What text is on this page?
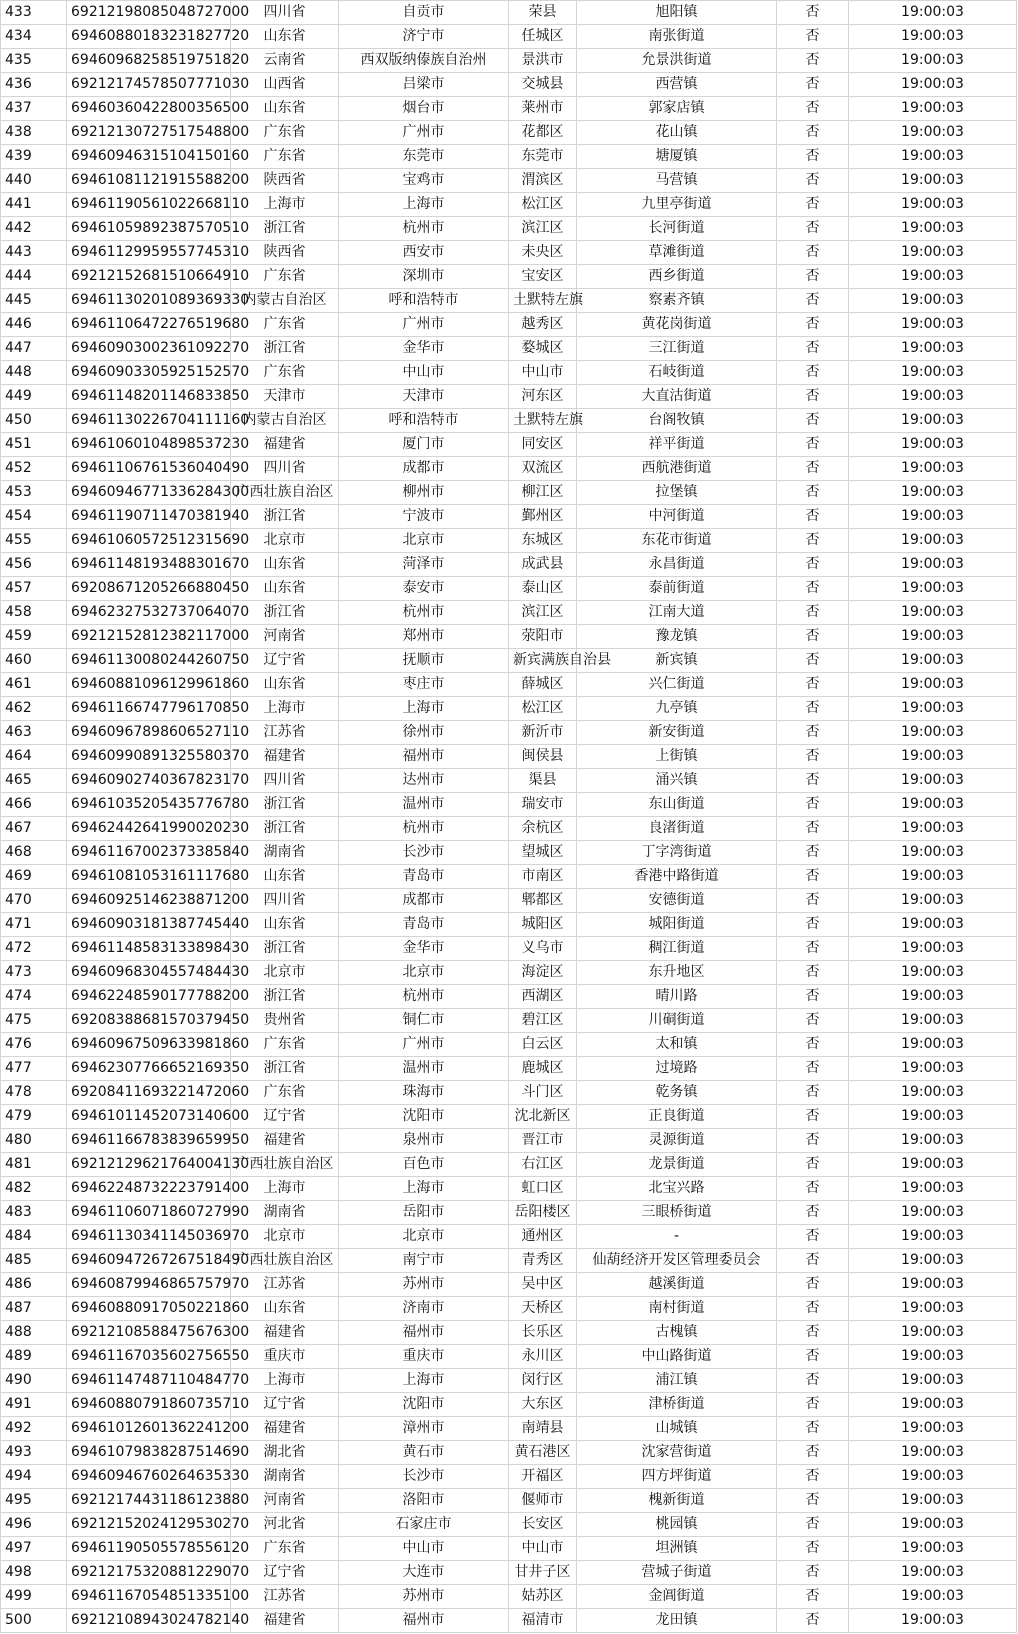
433	69212198085048727000	四川省	自贡市	荣县	旭阳镇	否	19:00:03
434	69460880183231827720	山东省	济宁市	任城区	南张街道	否	19:00:03
435	69460968258519751820	云南省	西双版纳傣族自治州	景洪市	允景洪街道	否	19:00:03
436	69212174578507771030	山西省	吕梁市	交城县	西营镇	否	19:00:03
437	69460360422800356500	山东省	烟台市	莱州市	郭家店镇	否	19:00:03
438	69212130727517548800	广东省	广州市	花都区	花山镇	否	19:00:03
439	69460946315104150160	广东省	东莞市	东莞市	塘厦镇	否	19:00:03
440	69461081121915588200	陕西省	宝鸡市	渭滨区	马营镇	否	19:00:03
441	69461190561022668110	上海市	上海市	松江区	九里亭街道	否	19:00:03
442	69461059892387570510	浙江省	杭州市	滨江区	长河街道	否	19:00:03
443	69461129959557745310	陕西省	西安市	未央区	草滩街道	否	19:00:03
444	69212152681510664910	广东省	深圳市	宝安区	西乡街道	否	19:00:03
445	69461130201089369330	内蒙古自治区	呼和浩特市	土默特左旗	察素齐镇	否	19:00:03
446	69461106472276519680	广东省	广州市	越秀区	黄花岗街道	否	19:00:03
447	69460903002361092270	浙江省	金华市	婺城区	三江街道	否	19:00:03
448	69460903305925152570	广东省	中山市	中山市	石岐街道	否	19:00:03
449	69461148201146833850	天津市	天津市	河东区	大直沽街道	否	19:00:03
450	69461130226704111160	内蒙古自治区	呼和浩特市	土默特左旗	台阁牧镇	否	19:00:03
451	69461060104898537230	福建省	厦门市	同安区	祥平街道	否	19:00:03
452	69461106761536040490	四川省	成都市	双流区	西航港街道	否	19:00:03
453	69460946771336284300	广西壮族自治区	柳州市	柳江区	拉堡镇	否	19:00:03
454	69461190711470381940	浙江省	宁波市	鄞州区	中河街道	否	19:00:03
455	69461060572512315690	北京市	北京市	东城区	东花市街道	否	19:00:03
456	69461148193488301670	山东省	菏泽市	成武县	永昌街道	否	19:00:03
457	69208671205266880450	山东省	泰安市	泰山区	泰前街道	否	19:00:03
458	69462327532737064070	浙江省	杭州市	滨江区	江南大道	否	19:00:03
459	69212152812382117000	河南省	郑州市	荥阳市	豫龙镇	否	19:00:03
460	69461130080244260750	辽宁省	抚顺市	新宾满族自治县	新宾镇	否	19:00:03
461	69460881096129961860	山东省	枣庄市	薛城区	兴仁街道	否	19:00:03
462	69461166747796170850	上海市	上海市	松江区	九亭镇	否	19:00:03
463	69460967898606527110	江苏省	徐州市	新沂市	新安街道	否	19:00:03
464	69460990891325580370	福建省	福州市	闽侯县	上街镇	否	19:00:03
465	69460902740367823170	四川省	达州市	渠县	涌兴镇	否	19:00:03
466	69461035205435776780	浙江省	温州市	瑞安市	东山街道	否	19:00:03
467	69462442641990020230	浙江省	杭州市	余杭区	良渚街道	否	19:00:03
468	69461167002373385840	湖南省	长沙市	望城区	丁字湾街道	否	19:00:03
469	69461081053161117680	山东省	青岛市	市南区	香港中路街道	否	19:00:03
470	69460925146238871200	四川省	成都市	郫都区	安德街道	否	19:00:03
471	69460903181387745440	山东省	青岛市	城阳区	城阳街道	否	19:00:03
472	69461148583133898430	浙江省	金华市	义乌市	稠江街道	否	19:00:03
473	69460968304557484430	北京市	北京市	海淀区	东升地区	否	19:00:03
474	69462248590177788200	浙江省	杭州市	西湖区	晴川路	否	19:00:03
475	69208388681570379450	贵州省	铜仁市	碧江区	川硐街道	否	19:00:03
476	69460967509633981860	广东省	广州市	白云区	太和镇	否	19:00:03
477	69462307766652169350	浙江省	温州市	鹿城区	过境路	否	19:00:03
478	69208411693221472060	广东省	珠海市	斗门区	乾务镇	否	19:00:03
479	69461011452073140600	辽宁省	沈阳市	沈北新区	正良街道	否	19:00:03
480	69461166783839659950	福建省	泉州市	晋江市	灵源街道	否	19:00:03
481	69212129621764004130	广西壮族自治区	百色市	右江区	龙景街道	否	19:00:03
482	69462248732223791400	上海市	上海市	虹口区	北宝兴路	否	19:00:03
483	69461106071860727990	湖南省	岳阳市	岳阳楼区	三眼桥街道	否	19:00:03
484	69461130341145036970	北京市	北京市	通州区	-	否	19:00:03
485	69460947267267518490	广西壮族自治区	南宁市	青秀区	仙葫经济开发区管理委员会	否	19:00:03
486	69460879946865757970	江苏省	苏州市	吴中区	越溪街道	否	19:00:03
487	69460880917050221860	山东省	济南市	天桥区	南村街道	否	19:00:03
488	69212108588475676300	福建省	福州市	长乐区	古槐镇	否	19:00:03
489	69461167035602756550	重庆市	重庆市	永川区	中山路街道	否	19:00:03
490	69461147487110484770	上海市	上海市	闵行区	浦江镇	否	19:00:03
491	69460880791860735710	辽宁省	沈阳市	大东区	津桥街道	否	19:00:03
492	69461012601362241200	福建省	漳州市	南靖县	山城镇	否	19:00:03
493	69461079838287514690	湖北省	黄石市	黄石港区	沈家营街道	否	19:00:03
494	69460946760264635330	湖南省	长沙市	开福区	四方坪街道	否	19:00:03
495	69212174431186123880	河南省	洛阳市	偃师市	槐新街道	否	19:00:03
496	69212152024129530270	河北省	石家庄市	长安区	桃园镇	否	19:00:03
497	69461190505578556120	广东省	中山市	中山市	坦洲镇	否	19:00:03
498	69212175320881229070	辽宁省	大连市	甘井子区	营城子街道	否	19:00:03
499	69461167054851335100	江苏省	苏州市	姑苏区	金阊街道	否	19:00:03
500	69212108943024782140	福建省	福州市	福清市	龙田镇	否	19:00:03
